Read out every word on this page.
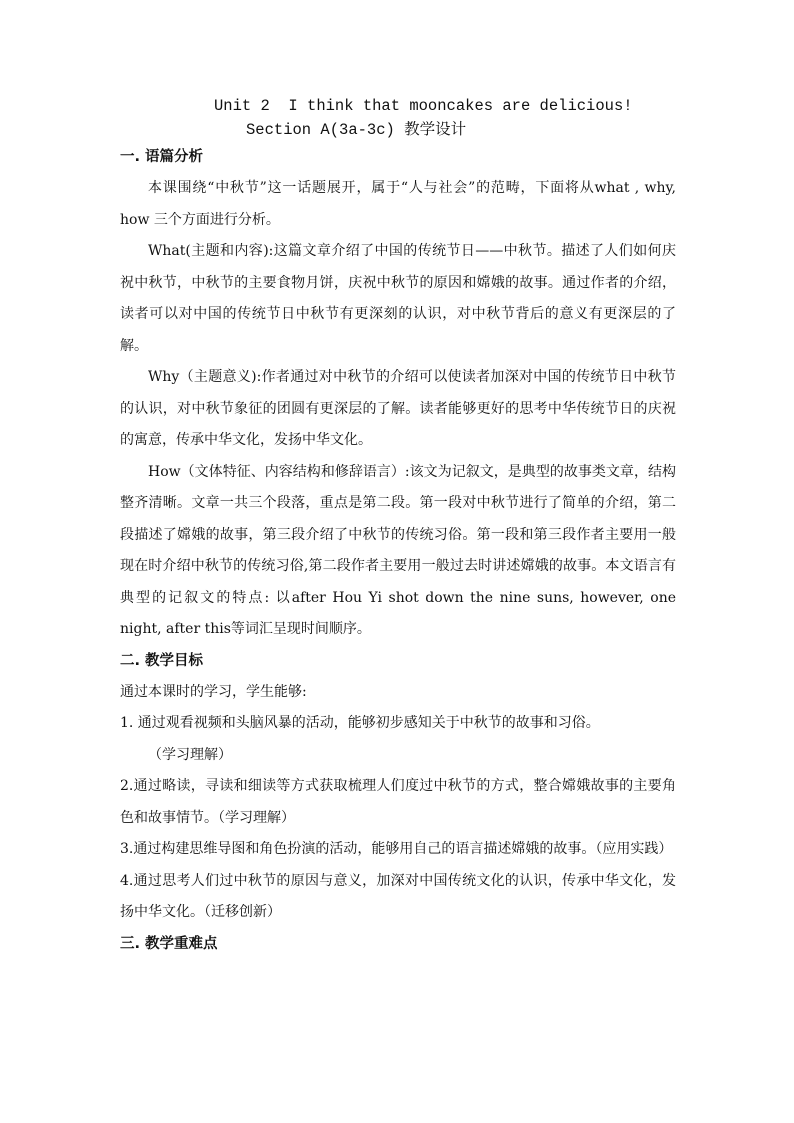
Unit 2  I think that mooncakes are delicious!
Section A(3a-3c) 教学设计
一. 语篇分析

本课围绕“中秋节”这一话题展开，属于“人与社会”的范畴，下面将从what , why, how 三个方面进行分析。

What(主题和内容):这篇文章介绍了中国的传统节日——中秋节。描述了人们如何庆祝中秋节，中秋节的主要食物月饼，庆祝中秋节的原因和嫦娥的故事。通过作者的介绍，读者可以对中国的传统节日中秋节有更深刻的认识，对中秋节背后的意义有更深层的了解。

Why（主题意义):作者通过对中秋节的介绍可以使读者加深对中国的传统节日中秋节的认识，对中秋节象征的团圆有更深层的了解。读者能够更好的思考中华传统节日的庆祝的寓意，传承中华文化，发扬中华文化。

How（文体特征、内容结构和修辞语言）:该文为记叙文，是典型的故事类文章，结构整齐清晰。文章一共三个段落，重点是第二段。第一段对中秋节进行了简单的介绍，第二段描述了嫦娥的故事，第三段介绍了中秋节的传统习俗。第一段和第三段作者主要用一般现在时介绍中秋节的传统习俗,第二段作者主要用一般过去时讲述嫦娥的故事。本文语言有典型的记叙文的特点: 以after Hou Yi shot down the nine suns, however, one night, after this等词汇呈现时间顺序。

二. 教学目标

通过本课时的学习，学生能够:

1. 通过观看视频和头脑风暴的活动，能够初步感知关于中秋节的故事和习俗。

（学习理解）

2.通过略读，寻读和细读等方式获取梳理人们度过中秋节的方式，整合嫦娥故事的主要角色和故事情节。（学习理解）

3.通过构建思维导图和角色扮演的活动，能够用自己的语言描述嫦娥的故事。（应用实践）

4.通过思考人们过中秋节的原因与意义，加深对中国传统文化的认识，传承中华文化，发扬中华文化。（迁移创新）

三. 教学重难点
